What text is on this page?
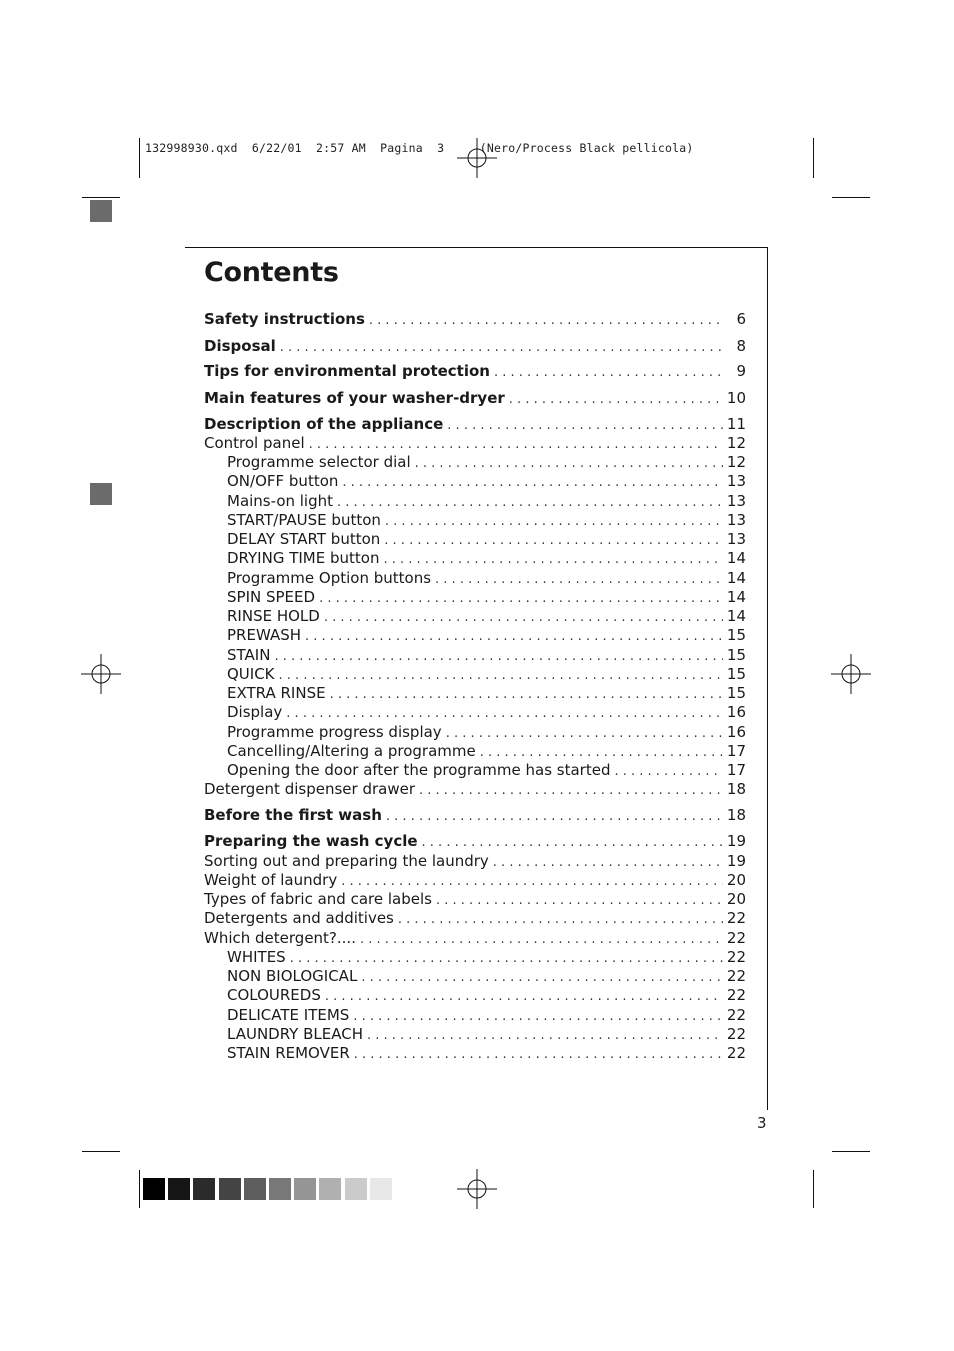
132998930.qxd  6/22/01  2:57 AM  Pagina  3     (Nero/Process Black pellicola)
Contents
Safety instructions . . .	6
Disposal . . .	8
Tips for environmental protection . . .	9
Main features of your washer-dryer . . .	10
Description of the appliance . . .	11
Control panel . . .	12
Programme selector dial . . .	12
ON/OFF button . . .	13
Mains-on light . . .	13
START/PAUSE button . . .	13
DELAY START button . . .	13
DRYING TIME button . . .	14
Programme Option buttons . . .	14
SPIN SPEED . . .	14
RINSE HOLD . . .	14
PREWASH . . .	15
STAIN . . .	15
QUICK . . .	15
EXTRA RINSE . . .	15
Display . . .	16
Programme progress display . . .	16
Cancelling/Altering a programme . . .	17
Opening the door after the programme has started . . .	17
Detergent dispenser drawer . . .	18
Before the first wash . . .	18
Preparing the wash cycle . . .	19
Sorting out and preparing the laundry . . .	19
Weight of laundry . . .	20
Types of fabric and care labels . . .	20
Detergents and additives . . .	22
Which detergent?.... . . .	22
WHITES . . .	22
NON BIOLOGICAL . . .	22
COLOUREDS . . .	22
DELICATE ITEMS . . .	22
LAUNDRY BLEACH . . .	22
STAIN REMOVER . . .	22
3
